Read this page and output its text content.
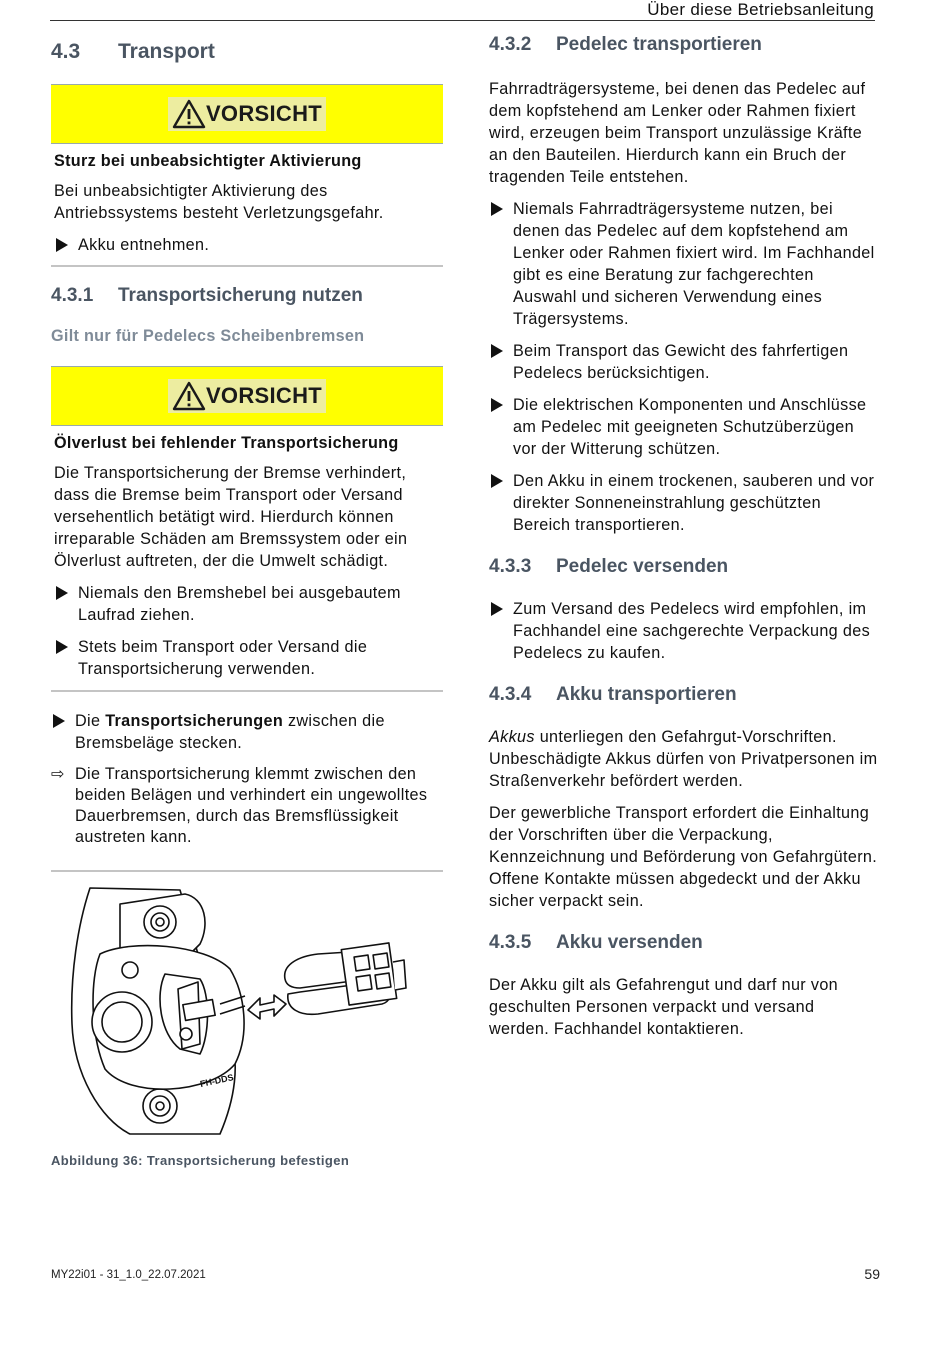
Über diese Betriebsanleitung
4.3	Transport
VORSICHT
Sturz bei unbeabsichtigter Aktivierung

Bei unbeabsichtigter Aktivierung des Antriebssystems besteht Verletzungsgefahr.

Akku entnehmen.
4.3.1	Transportsicherung nutzen
Gilt nur für Pedelecs Scheibenbremsen
VORSICHT
Ölverlust bei fehlender Transportsicherung

Die Transportsicherung der Bremse verhindert, dass die Bremse beim Transport oder Versand versehentlich betätigt wird. Hierdurch können irreparable Schäden am Bremssystem oder ein Ölverlust auftreten, der die Umwelt schädigt.

Niemals den Bremshebel bei ausgebautem Laufrad ziehen.
Stets beim Transport oder Versand die Transportsicherung verwenden.
Die Transportsicherungen zwischen die Bremsbeläge stecken.
⇨ Die Transportsicherung klemmt zwischen den beiden Belägen und verhindert ein ungewolltes Dauerbremsen, durch das Bremsflüssigkeit austreten kann.
FH-DDS
Abbildung 36: Transportsicherung befestigen
4.3.2	Pedelec transportieren

Fahrradträgersysteme, bei denen das Pedelec auf dem kopfstehend am Lenker oder Rahmen fixiert wird, erzeugen beim Transport unzulässige Kräfte an den Bauteilen. Hierdurch kann ein Bruch der tragenden Teile entstehen.

Niemals Fahrradträgersysteme nutzen, bei denen das Pedelec auf dem kopfstehend am Lenker oder Rahmen fixiert wird. Im Fachhandel gibt es eine Beratung zur fachgerechten Auswahl und sicheren Verwendung eines Trägersystems.
Beim Transport das Gewicht des fahrfertigen Pedelecs berücksichtigen.
Die elektrischen Komponenten und Anschlüsse am Pedelec mit geeigneten Schutzüberzügen vor der Witterung schützen.
Den Akku in einem trockenen, sauberen und vor direkter Sonneneinstrahlung geschützten Bereich transportieren.
4.3.3	Pedelec versenden
Zum Versand des Pedelecs wird empfohlen, im Fachhandel eine sachgerechte Verpackung des Pedelecs zu kaufen.
4.3.4	Akku transportieren

Akkus unterliegen den Gefahrgut-Vorschriften. Unbeschädigte Akkus dürfen von Privatpersonen im Straßenverkehr befördert werden.

Der gewerbliche Transport erfordert die Einhaltung der Vorschriften über die Verpackung, Kennzeichnung und Beförderung von Gefahrgütern. Offene Kontakte müssen abgedeckt und der Akku sicher verpackt sein.

4.3.5	Akku versenden

Der Akku gilt als Gefahrengut und darf nur von geschulten Personen verpackt und versand werden. Fachhandel kontaktieren.

MY22i01 - 31_1.0_22.07.2021	59
